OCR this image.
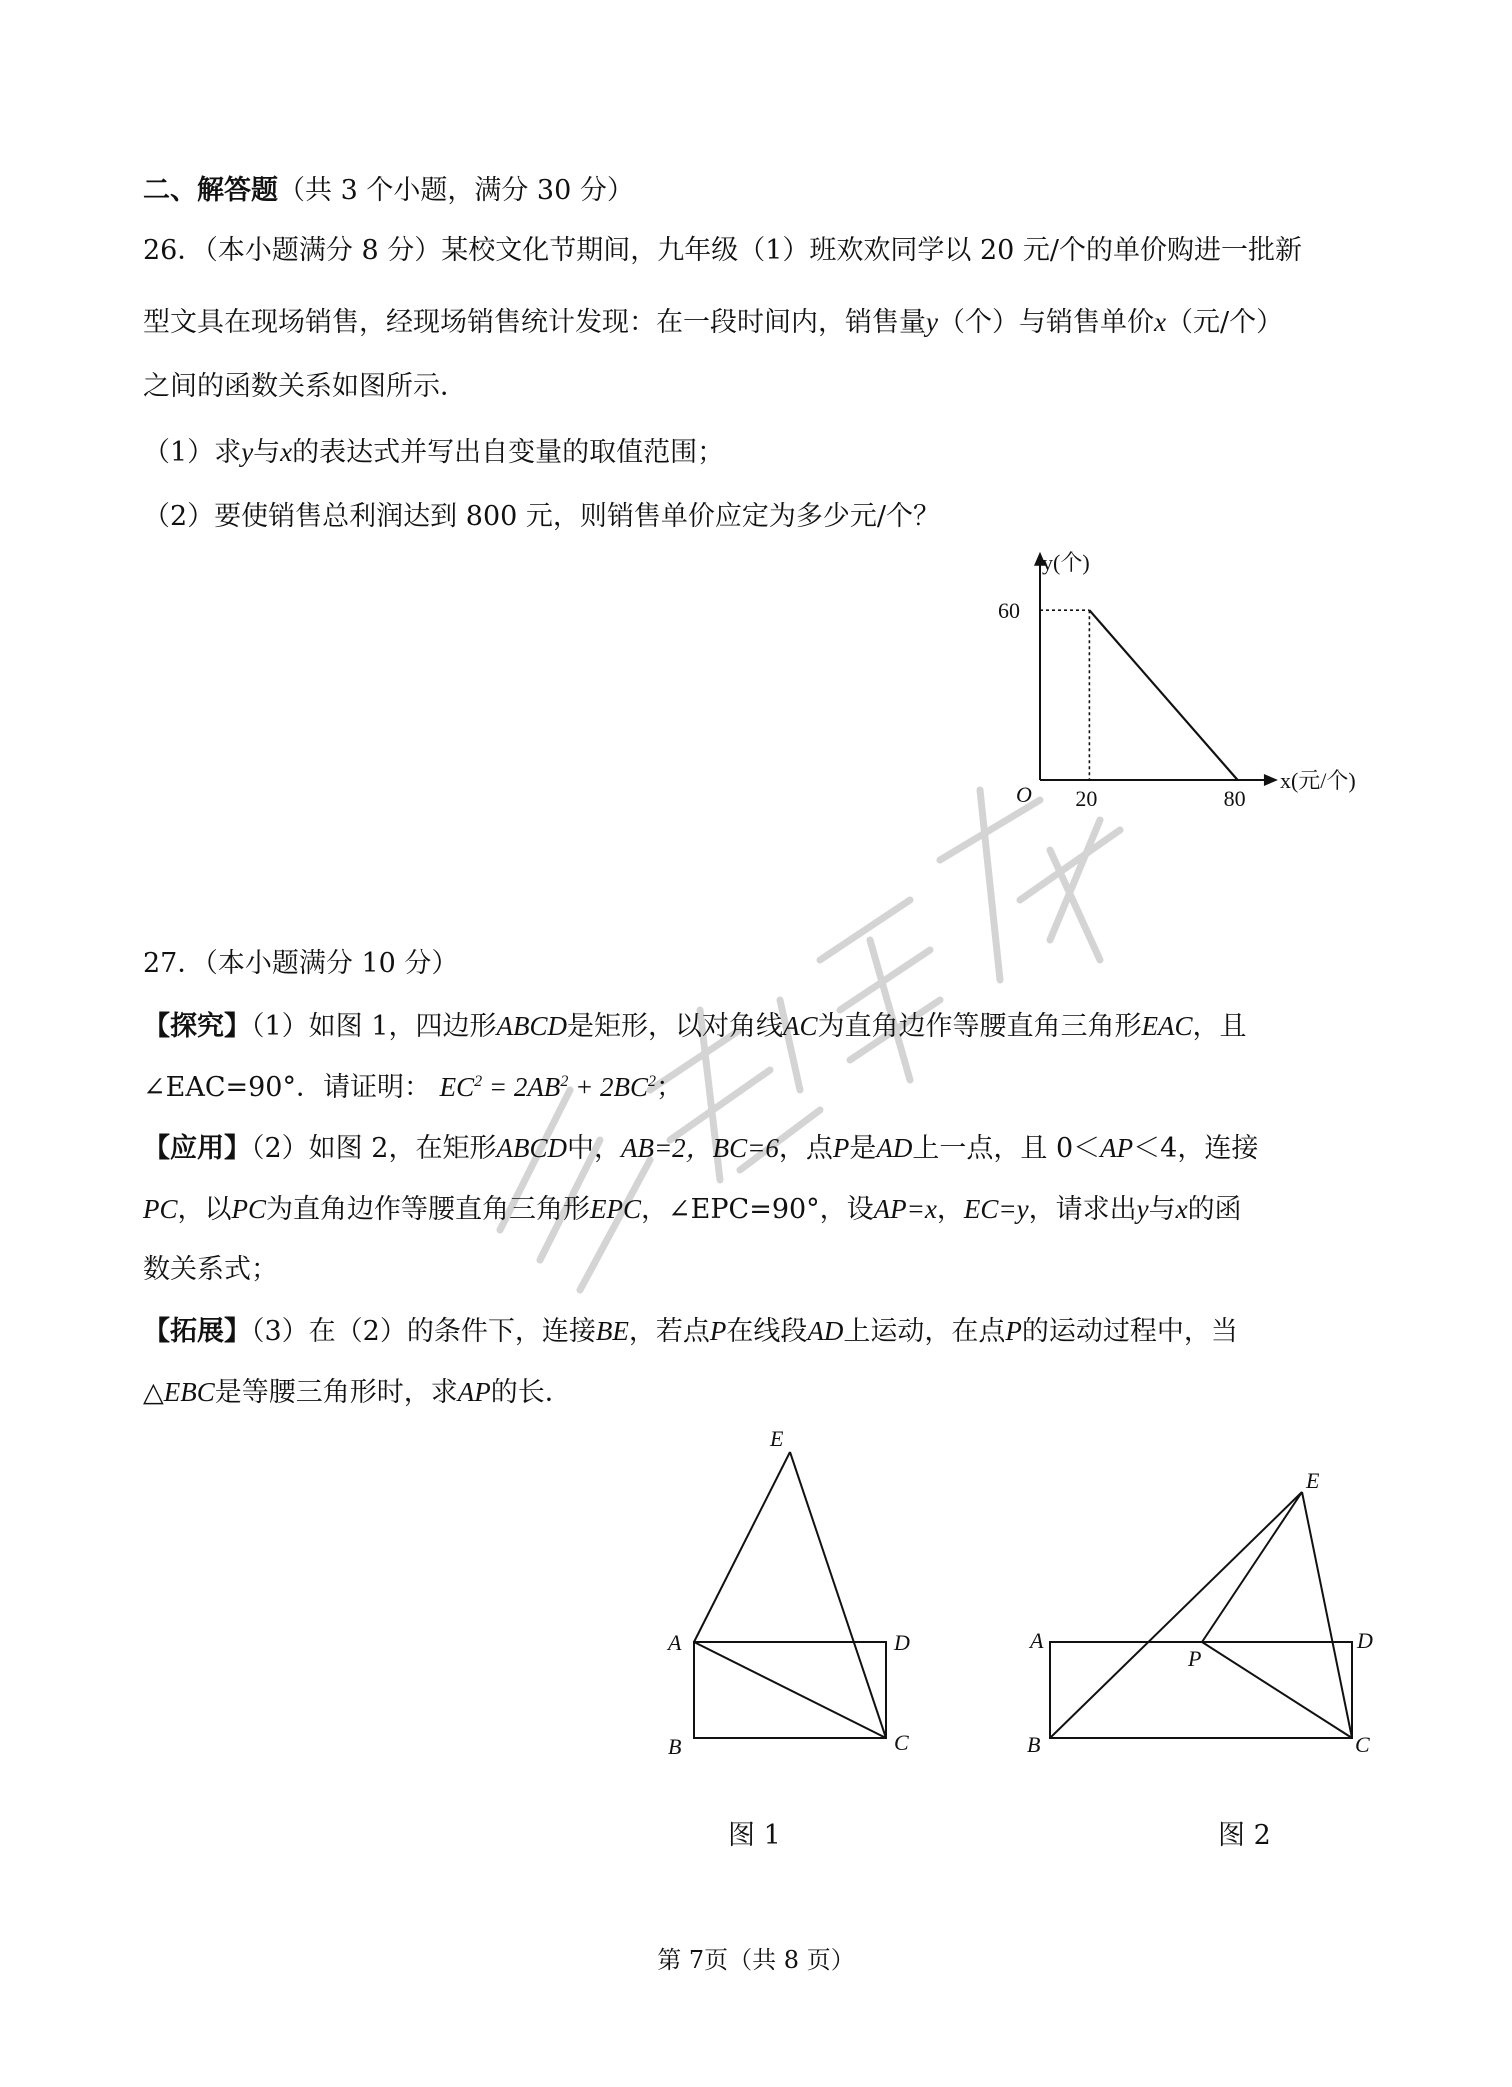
二、解答题（共 3 个小题，满分 30 分）
26．（本小题满分 8 分）某校文化节期间，九年级（1）班欢欢同学以 20 元/个的单价购进一批新
型文具在现场销售，经现场销售统计发现：在一段时间内，销售量y（个）与销售单价x（元/个）
之间的函数关系如图所示．
（1）求y与x的表达式并写出自变量的取值范围；
（2）要使销售总利润达到 800 元，则销售单价应定为多少元/个？
60
20	80
O
y(个)
x(元/个)
27．（本小题满分 10 分）
【探究】（1）如图 1，四边形ABCD是矩形，以对角线AC为直角边作等腰直角三角形EAC，且
∠EAC=90°．请证明： $EC^2 = 2AB^2 + 2BC^2$；
【应用】（2）如图 2，在矩形ABCD中，AB=2，BC=6，点P是AD上一点，且 0＜AP＜4，连接
PC，以PC为直角边作等腰直角三角形EPC，∠EPC=90°，设AP=x，EC=y，请求出y与x的函
数关系式；
【拓展】（3）在（2）的条件下，连接BE，若点P在线段AD上运动，在点P的运动过程中，当
△EBC是等腰三角形时，求AP的长．
E
A	D
B	C
图 1
E
A	D
P
B	C
图 2
第 7页（共 8 页）
